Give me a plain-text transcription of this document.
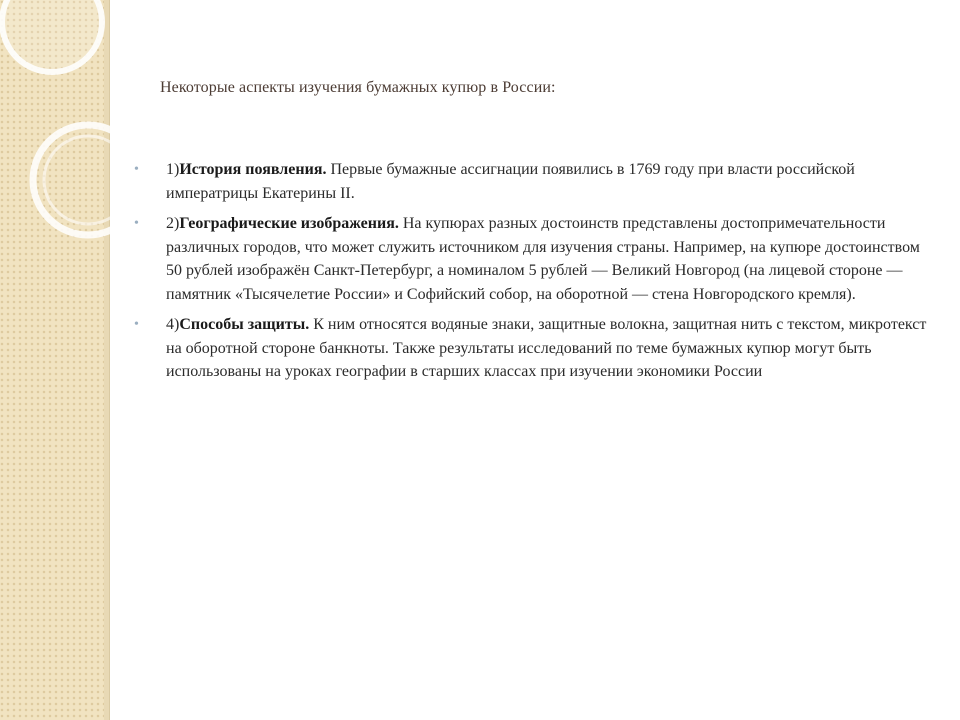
Некоторые аспекты изучения бумажных купюр в России:
• 1)История появления. Первые бумажные ассигнации появились в 1769 году при власти российской императрицы Екатерины II.
• 2)Географические изображения. На купюрах разных достоинств представлены достопримечательности различных городов, что может служить источником для изучения страны. Например, на купюре достоинством 50 рублей изображён Санкт-Петербург, а номиналом 5 рублей — Великий Новгород (на лицевой стороне — памятник «Тысячелетие России» и Софийский собор, на оборотной — стена Новгородского кремля).
• 4)Способы защиты. К ним относятся водяные знаки, защитные волокна, защитная нить с текстом, микротекст на оборотной стороне банкноты. Также результаты исследований по теме бумажных купюр могут быть использованы на уроках географии в старших классах при изучении экономики России
